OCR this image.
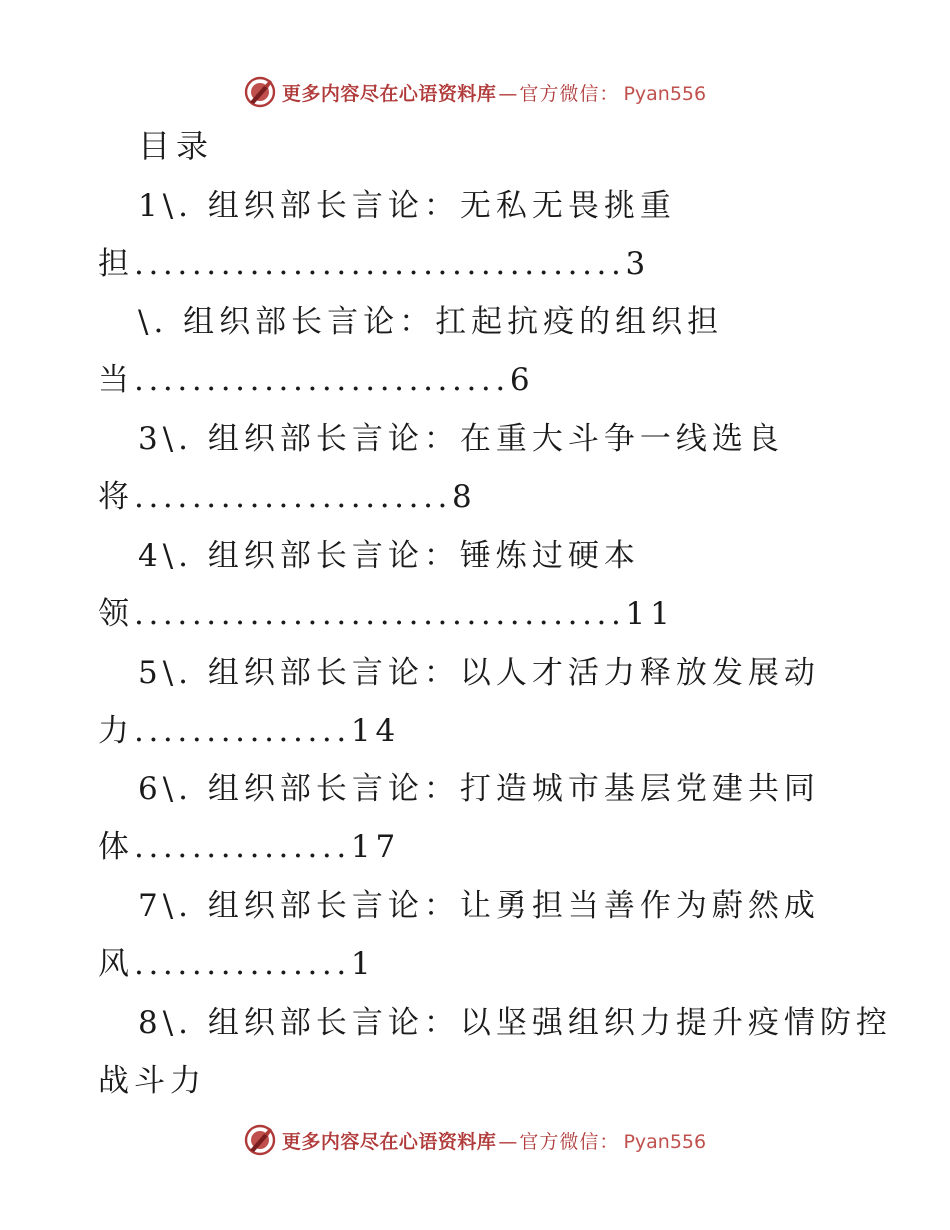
更多内容尽在心语资料库 — 官方微信： Pyan556
目录
1\. 组织部长言论：无私无畏挑重
担..................................3
\. 组织部长言论：扛起抗疫的组织担
当..........................6
3\. 组织部长言论：在重大斗争一线选良
将......................8
4\. 组织部长言论：锤炼过硬本
领..................................11
5\. 组织部长言论：以人才活力释放发展动
力...............14
6\. 组织部长言论：打造城市基层党建共同
体...............17
7\. 组织部长言论：让勇担当善作为蔚然成
风...............1
8\. 组织部长言论：以坚强组织力提升疫情防控
战斗力
更多内容尽在心语资料库 — 官方微信： Pyan556
